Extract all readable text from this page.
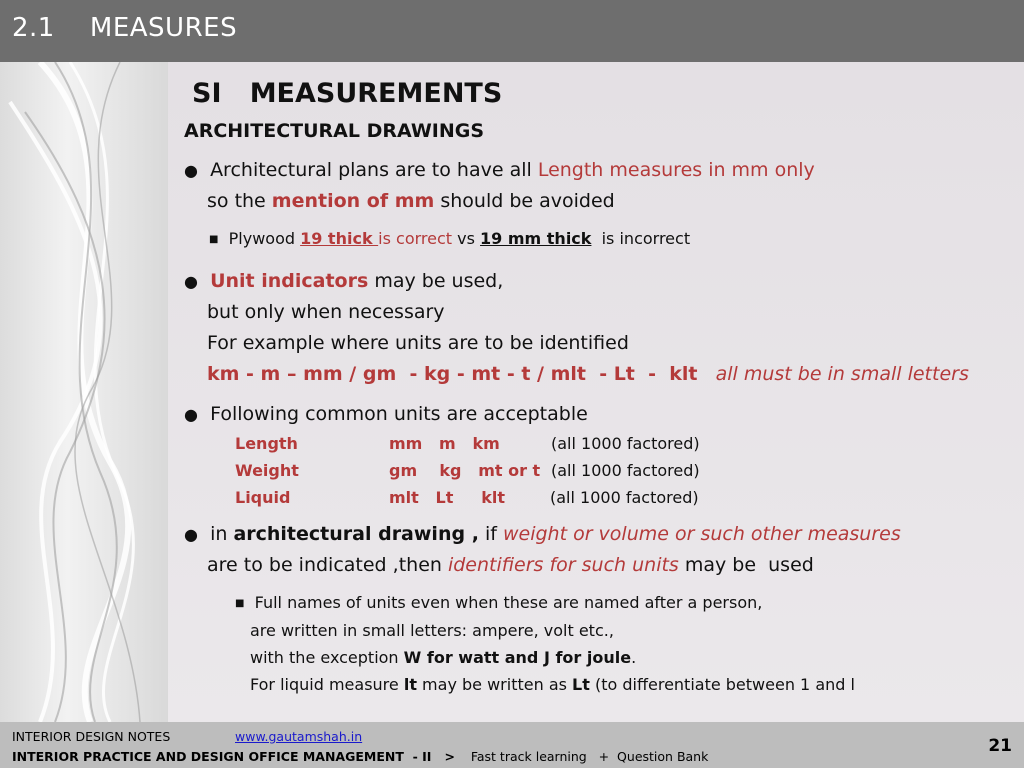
2.1    MEASURES
SI   MEASUREMENTS
ARCHITECTURAL DRAWINGS
● Architectural plans are to have all Length measures in mm only
so the mention of mm should be avoided
■ Plywood 19 thick is correct vs 19 mm thick  is incorrect
● Unit indicators may be used,
but only when necessary
For example where units are to be identified
km - m – mm / gm  - kg - mt - t / mlt  - Lt  -  klt all must be in small letters
● Following common units are acceptable
Length	mm   m   km	(all 1000 factored)
Weight	gm    kg   mt or t (all 1000 factored)
Liquid	mlt   Lt     klt	(all 1000 factored)
● in architectural drawing , if weight or volume or such other measures
are to be indicated ,then identifiers for such units may be  used
■ Full names of units even when these are named after a person,
are written in small letters: ampere, volt etc.,
with the exception W for watt and J for joule.
For liquid measure lt may be written as Lt (to differentiate between 1 and l
INTERIOR DESIGN NOTES	www.gautamshah.in
INTERIOR PRACTICE AND DESIGN OFFICE MANAGEMENT  - II   >    Fast track learning   +  Question Bank
21
